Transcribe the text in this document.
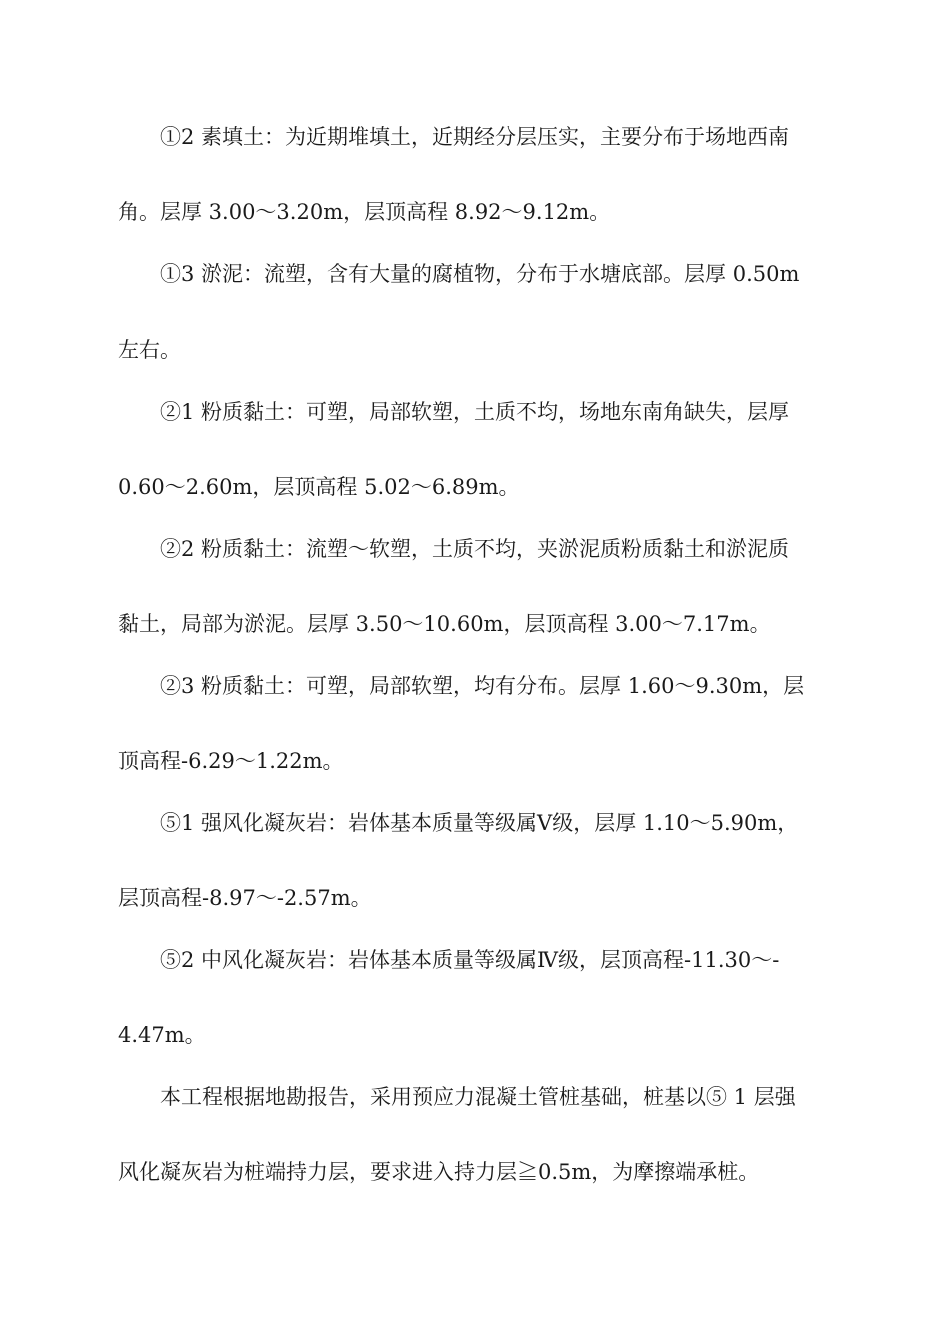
①2 素填土：为近期堆填土，近期经分层压实，主要分布于场地西南
角。层厚 3.00～3.20m，层顶高程 8.92～9.12m。
①3 淤泥：流塑，含有大量的腐植物，分布于水塘底部。层厚 0.50m
左右。
②1 粉质黏土：可塑，局部软塑，土质不均，场地东南角缺失，层厚
0.60～2.60m，层顶高程 5.02～6.89m。
②2 粉质黏土：流塑～软塑，土质不均，夹淤泥质粉质黏土和淤泥质
黏土，局部为淤泥。层厚 3.50～10.60m，层顶高程 3.00～7.17m。
②3 粉质黏土：可塑，局部软塑，均有分布。层厚 1.60～9.30m，层
顶高程-6.29～1.22m。
⑤1 强风化凝灰岩：岩体基本质量等级属Ⅴ级，层厚 1.10～5.90m，
层顶高程-8.97～-2.57m。
⑤2 中风化凝灰岩：岩体基本质量等级属Ⅳ级，层顶高程-11.30～-
4.47m。
本工程根据地勘报告，采用预应力混凝土管桩基础，桩基以⑤ 1 层强
风化凝灰岩为桩端持力层，要求进入持力层≧0.5m，为摩擦端承桩。
